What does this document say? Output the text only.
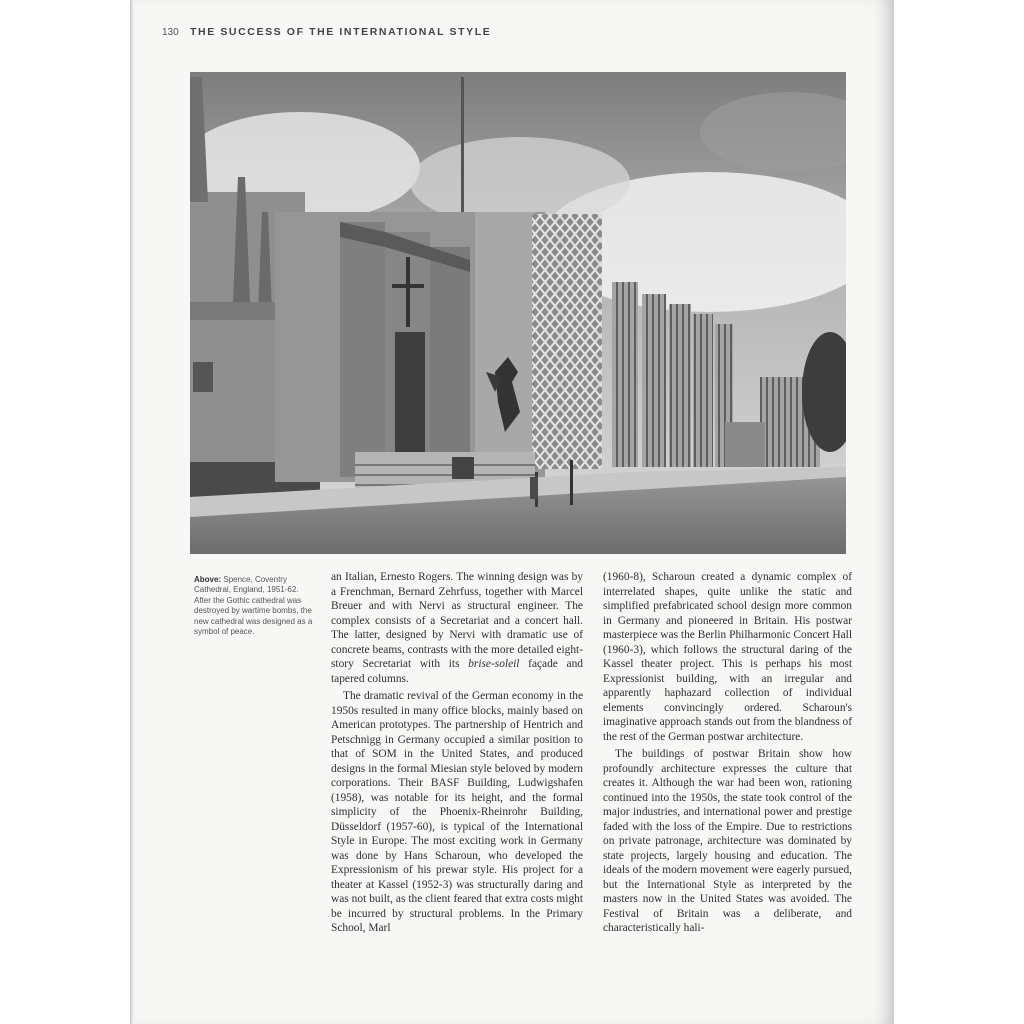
130 THE SUCCESS OF THE INTERNATIONAL STYLE
Above: Spence, Coventry Cathedral, England, 1951-62. After the Gothic cathedral was destroyed by wartime bombs, the new cathedral was designed as a symbol of peace.

an Italian, Ernesto Rogers. The winning design was by a Frenchman, Bernard Zehrfuss, together with Marcel Breuer and with Nervi as structural engineer. The complex consists of a Secretariat and a concert hall. The latter, designed by Nervi with dramatic use of concrete beams, contrasts with the more detailed eight-story Secretariat with its brise-soleil façade and tapered columns.

The dramatic revival of the German economy in the 1950s resulted in many office blocks, mainly based on American prototypes. The partnership of Hentrich and Petschnigg in Germany occupied a similar position to that of SOM in the United States, and produced designs in the formal Miesian style beloved by modern corporations. Their BASF Building, Ludwigshafen (1958), was notable for its height, and the formal simplicity of the Phoenix-Rheinrohr Building, Düsseldorf (1957-60), is typical of the International Style in Europe. The most exciting work in Germany was done by Hans Scharoun, who developed the Expressionism of his prewar style. His project for a theater at Kassel (1952-3) was structurally daring and was not built, as the client feared that extra costs might be incurred by structural problems. In the Primary School, Marl

(1960-8), Scharoun created a dynamic complex of interrelated shapes, quite unlike the static and simplified prefabricated school design more common in Germany and pioneered in Britain. His postwar masterpiece was the Berlin Philharmonic Concert Hall (1960-3), which follows the structural daring of the Kassel theater project. This is perhaps his most Expressionist building, with an irregular and apparently haphazard collection of individual elements convincingly ordered. Scharoun's imaginative approach stands out from the blandness of the rest of the German postwar architecture.

The buildings of postwar Britain show how profoundly architecture expresses the culture that creates it. Although the war had been won, rationing continued into the 1950s, the state took control of the major industries, and international power and prestige faded with the loss of the Empire. Due to restrictions on private patronage, architecture was dominated by state projects, largely housing and education. The ideals of the modern movement were eagerly pursued, but the International Style as interpreted by the masters now in the United States was avoided. The Festival of Britain was a deliberate, and characteristically hali-
